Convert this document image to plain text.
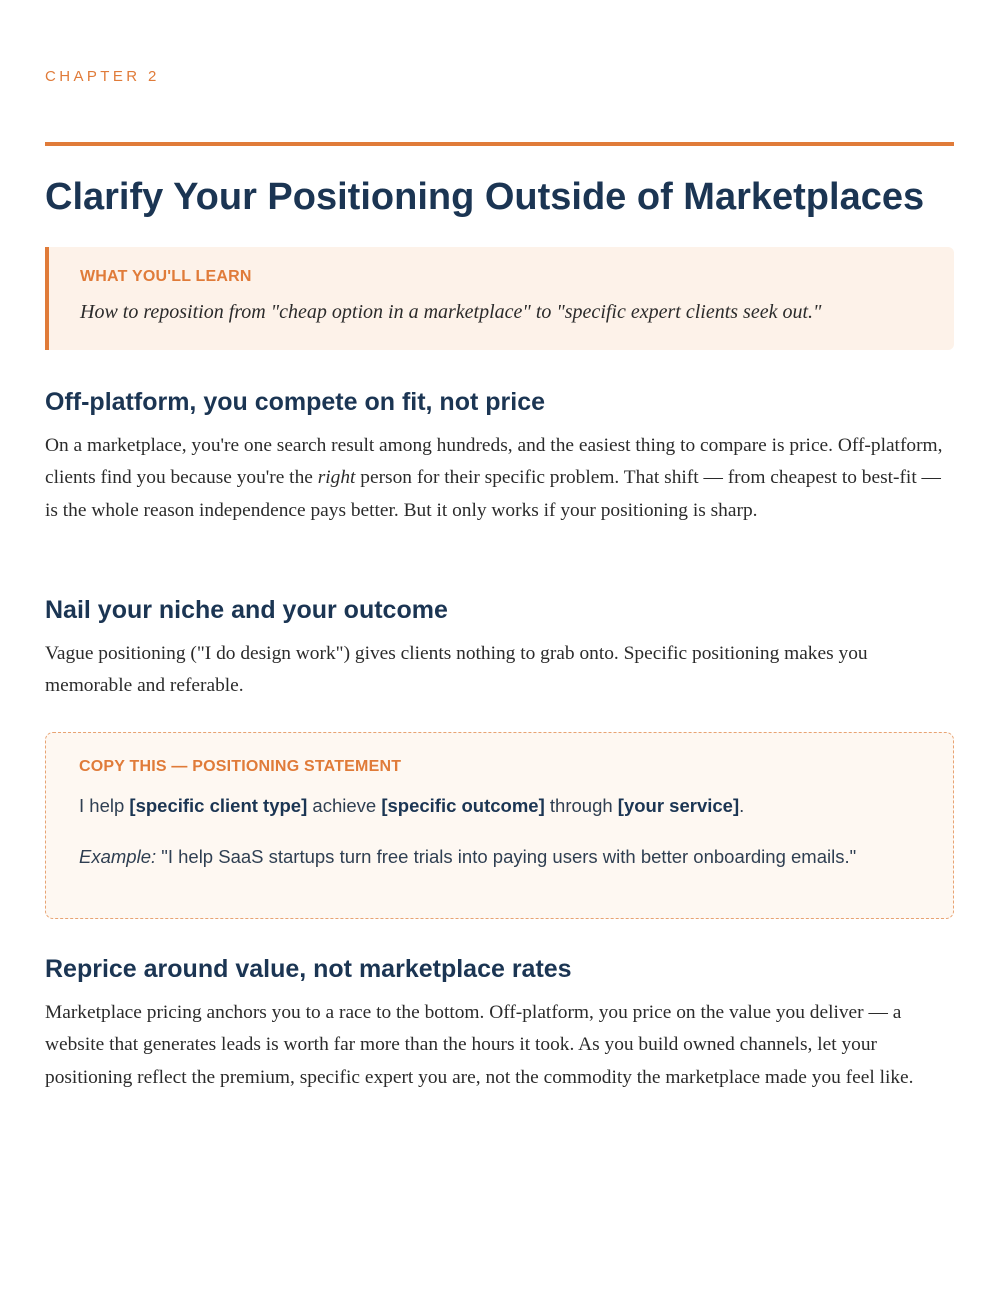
CHAPTER 2
Clarify Your Positioning Outside of Marketplaces
WHAT YOU'LL LEARN
How to reposition from "cheap option in a marketplace" to "specific expert clients seek out."
Off-platform, you compete on fit, not price

On a marketplace, you're one search result among hundreds, and the easiest thing to compare is price. Off-platform, clients find you because you're the right person for their specific problem. That shift — from cheapest to best-fit — is the whole reason independence pays better. But it only works if your positioning is sharp.

Nail your niche and your outcome

Vague positioning ("I do design work") gives clients nothing to grab onto. Specific positioning makes you memorable and referable.

COPY THIS — POSITIONING STATEMENT
I help [specific client type] achieve [specific outcome] through [your service].
Example: "I help SaaS startups turn free trials into paying users with better onboarding emails."
Reprice around value, not marketplace rates

Marketplace pricing anchors you to a race to the bottom. Off-platform, you price on the value you deliver — a website that generates leads is worth far more than the hours it took. As you build owned channels, let your positioning reflect the premium, specific expert you are, not the commodity the marketplace made you feel like.
